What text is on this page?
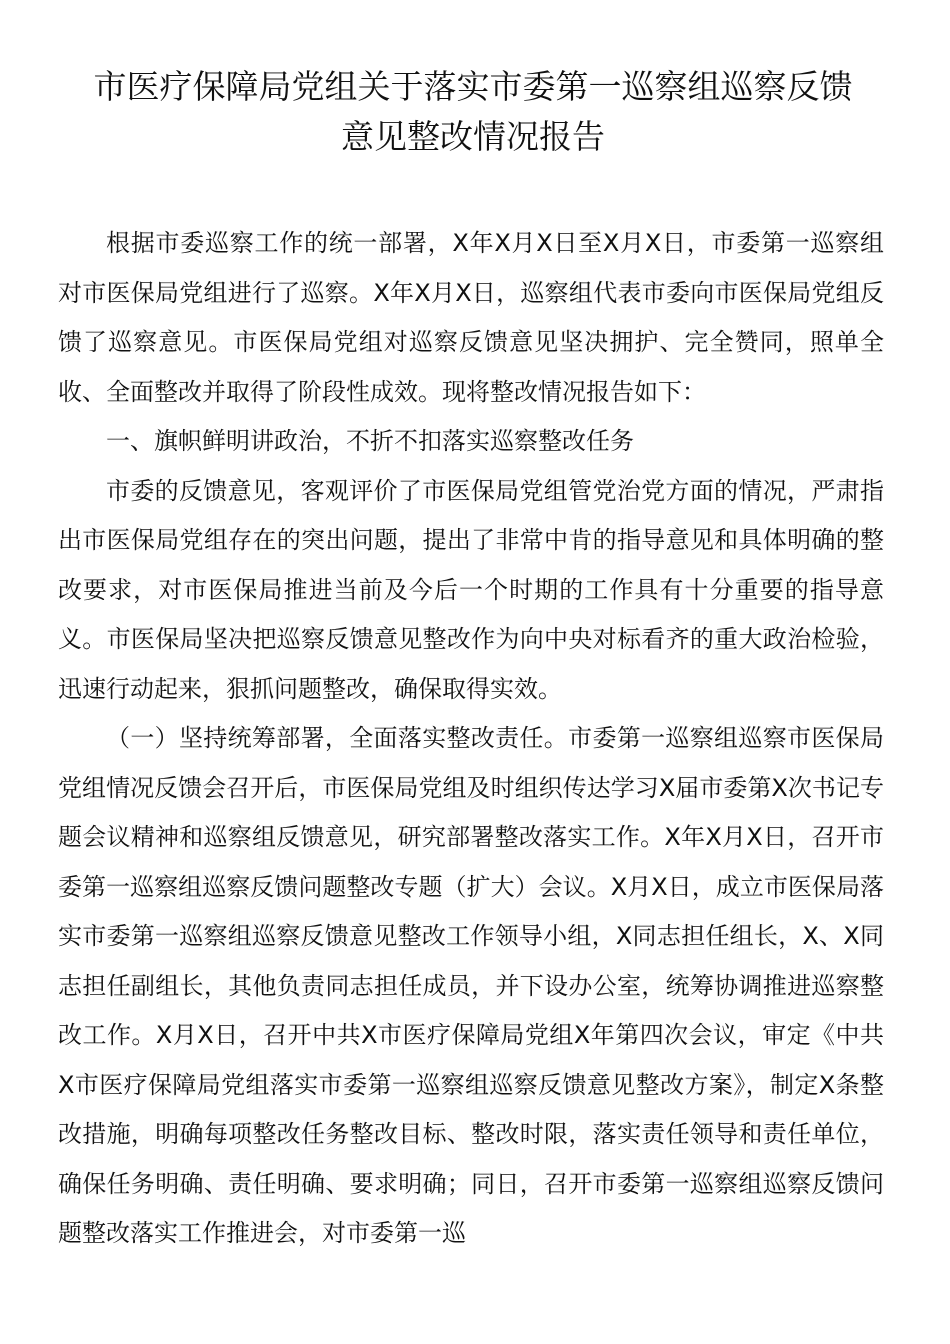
市医疗保障局党组关于落实市委第一巡察组巡察反馈
意见整改情况报告

根据市委巡察工作的统一部署，X年X月X日至X月X日，市委第一巡察组对市医保局党组进行了巡察。X年X月X日，巡察组代表市委向市医保局党组反馈了巡察意见。市医保局党组对巡察反馈意见坚决拥护、完全赞同，照单全收、全面整改并取得了阶段性成效。现将整改情况报告如下：

一、旗帜鲜明讲政治，不折不扣落实巡察整改任务

市委的反馈意见，客观评价了市医保局党组管党治党方面的情况，严肃指出市医保局党组存在的突出问题，提出了非常中肯的指导意见和具体明确的整改要求，对市医保局推进当前及今后一个时期的工作具有十分重要的指导意义。市医保局坚决把巡察反馈意见整改作为向中央对标看齐的重大政治检验，迅速行动起来，狠抓问题整改，确保取得实效。

（一）坚持统筹部署，全面落实整改责任。市委第一巡察组巡察市医保局党组情况反馈会召开后，市医保局党组及时组织传达学习X届市委第X次书记专题会议精神和巡察组反馈意见，研究部署整改落实工作。X年X月X日，召开市委第一巡察组巡察反馈问题整改专题（扩大）会议。X月X日，成立市医保局落实市委第一巡察组巡察反馈意见整改工作领导小组，X同志担任组长，X、X同志担任副组长，其他负责同志担任成员，并下设办公室，统筹协调推进巡察整改工作。X月X日，召开中共X市医疗保障局党组X年第四次会议，审定《中共X市医疗保障局党组落实市委第一巡察组巡察反馈意见整改方案》，制定X条整改措施，明确每项整改任务整改目标、整改时限，落实责任领导和责任单位，确保任务明确、责任明确、要求明确；同日，召开市委第一巡察组巡察反馈问题整改落实工作推进会，对市委第一巡
